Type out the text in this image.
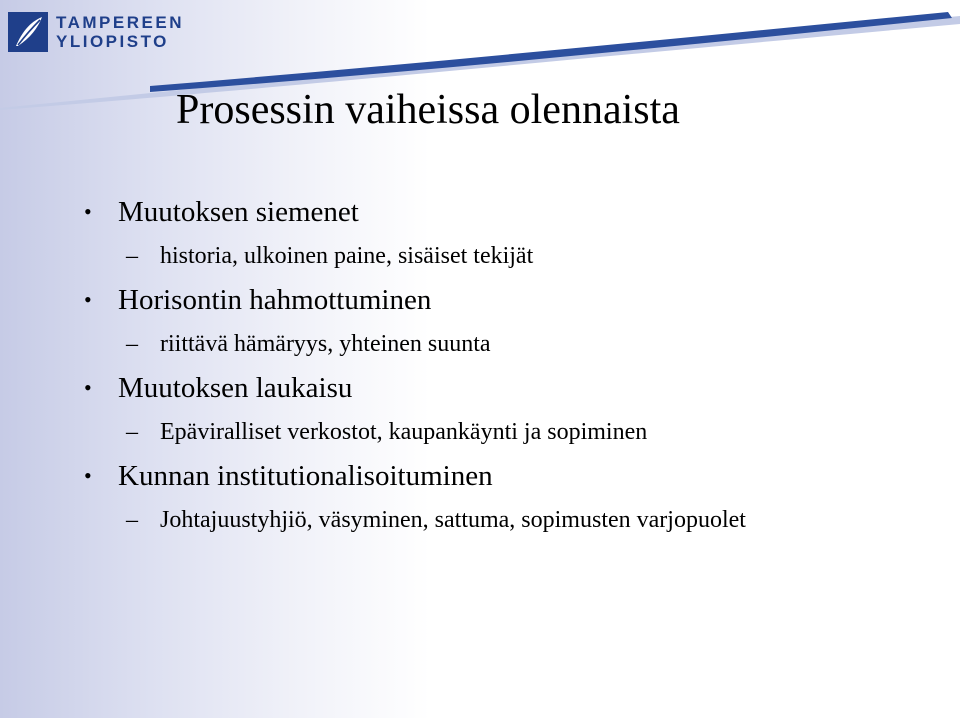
TAMPEREEN
YLIOPISTO
Prosessin vaiheissa olennaista
• Muutoksen siemenet
– historia, ulkoinen paine, sisäiset tekijät
• Horisontin hahmottuminen
– riittävä hämäryys, yhteinen suunta
• Muutoksen laukaisu
– Epäviralliset verkostot, kaupankäynti ja sopiminen
• Kunnan institutionalisoituminen
– Johtajuustyhjiö, väsyminen, sattuma, sopimusten varjopuolet
